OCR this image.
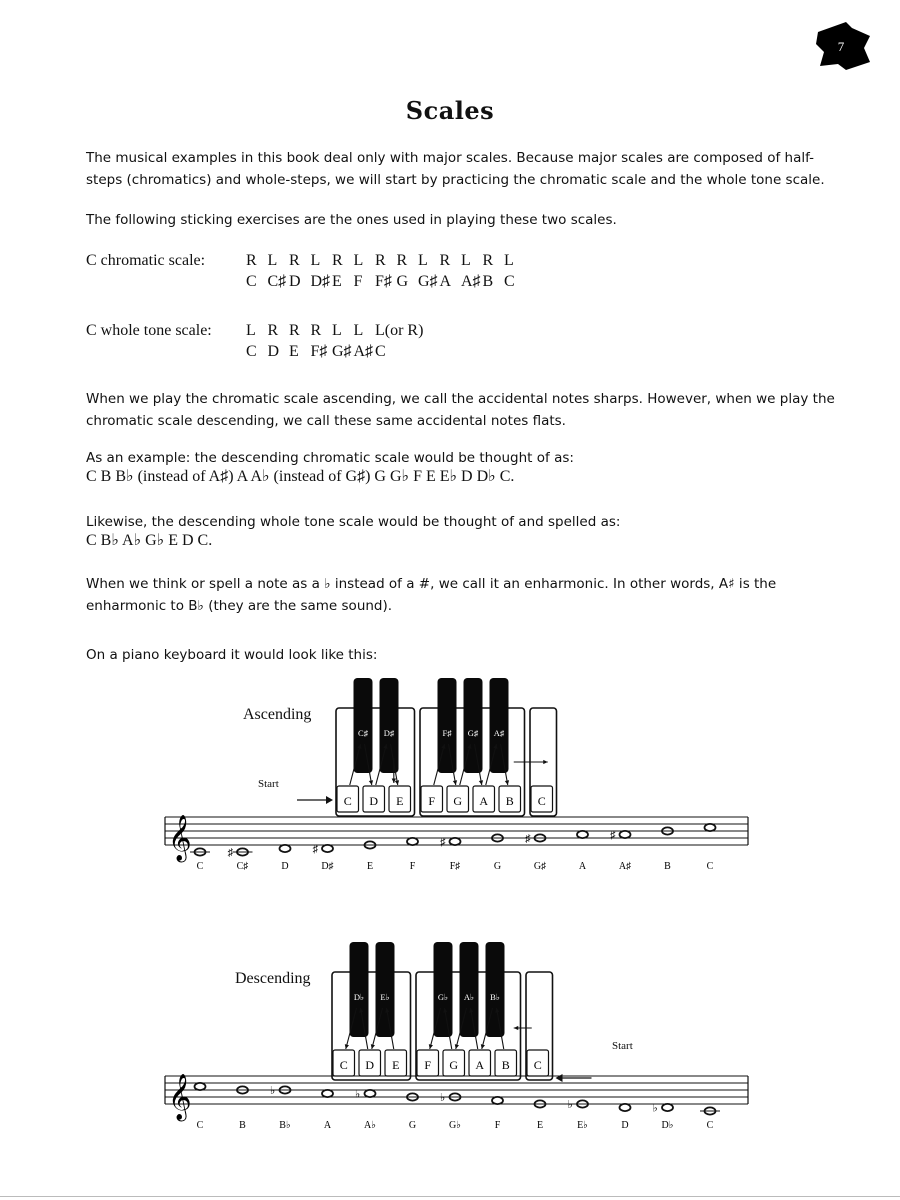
7
Scales
The musical examples in this book deal only with major scales. Because major scales are composed of half-
steps (chromatics) and whole-steps, we will start by practicing the chromatic scale and the whole tone scale.
The following sticking exercises are the ones used in playing these two scales.
C chromatic scale:	R L R L R L R R L R L R L
C C♯ D D♯ E F F♯ G G♯ A A♯ B C
C whole tone scale: L R R R L L L(or R)
C D E F♯ G♯ A♯ C
When we play the chromatic scale ascending, we call the accidental notes sharps. However, when we play the
chromatic scale descending, we call these same accidental notes flats.
As an example: the descending chromatic scale would be thought of as:
C B B♭ (instead of A♯) A A♭ (instead of G♯) G G♭ F E E♭ D D♭ C.
Likewise, the descending whole tone scale would be thought of and spelled as:
C B♭ A♭ G♭ E D C.
When we think or spell a note as a ♭ instead of a #, we call it an enharmonic. In other words, A♯ is the
enharmonic to B♭ (they are the same sound).
On a piano keyboard it would look like this:
Ascending
Start
C D E F G A B C
C♯ D♯	F♯ G♯ A♯
𝄞
C
♯
C♯	D
♯
D♯	E	F
♯
F♯	G
♯
G♯	A
♯
A♯	B	C
Descending
Start
C D E F G A B C
D♭ E♭	G♭ A♭ B♭
𝄞
C	B
♭
B♭	A
♭
A♭	G
♭
G♭	F	E
♭
E♭	D
♭
D♭	C
